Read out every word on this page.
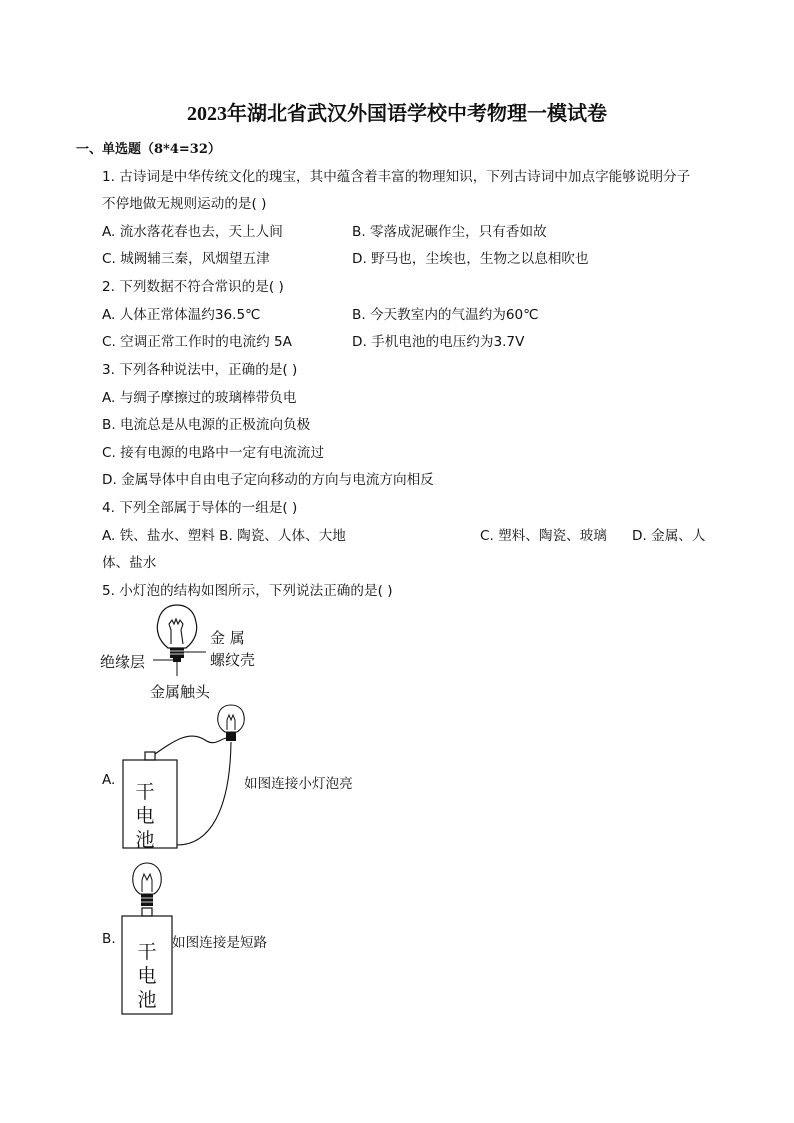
2023年湖北省武汉外国语学校中考物理一模试卷
一、单选题（8*4=32）
1. 古诗词是中华传统文化的瑰宝，其中蕴含着丰富的物理知识，下列古诗词中加点字能够说明分子
不停地做无规则运动的是( )
A. 流水落花春也去，天上人间	B. 零落成泥碾作尘，只有香如故
C. 城阙辅三秦，风烟望五津	D. 野马也，尘埃也，生物之以息相吹也
2. 下列数据不符合常识的是( )
A. 人体正常体温约36.5℃	B. 今天教室内的气温约为60℃
C. 空调正常工作时的电流约 5A	D. 手机电池的电压约为3.7V
3. 下列各种说法中，正确的是( )
A. 与绸子摩擦过的玻璃棒带负电
B. 电流总是从电源的正极流向负极
C. 接有电源的电路中一定有电流流过
D. 金属导体中自由电子定向移动的方向与电流方向相反
4. 下列全部属于导体的一组是( )
A. 铁、盐水、塑料 B. 陶瓷、人体、大地	C. 塑料、陶瓷、玻璃 D. 金属、人
体、盐水
5. 小灯泡的结构如图所示，下列说法正确的是( )
金 属
螺纹壳
绝缘层
金属触头
A.
干
电
池
如图连接小灯泡亮
B.
干
电
池
如图连接是短路
